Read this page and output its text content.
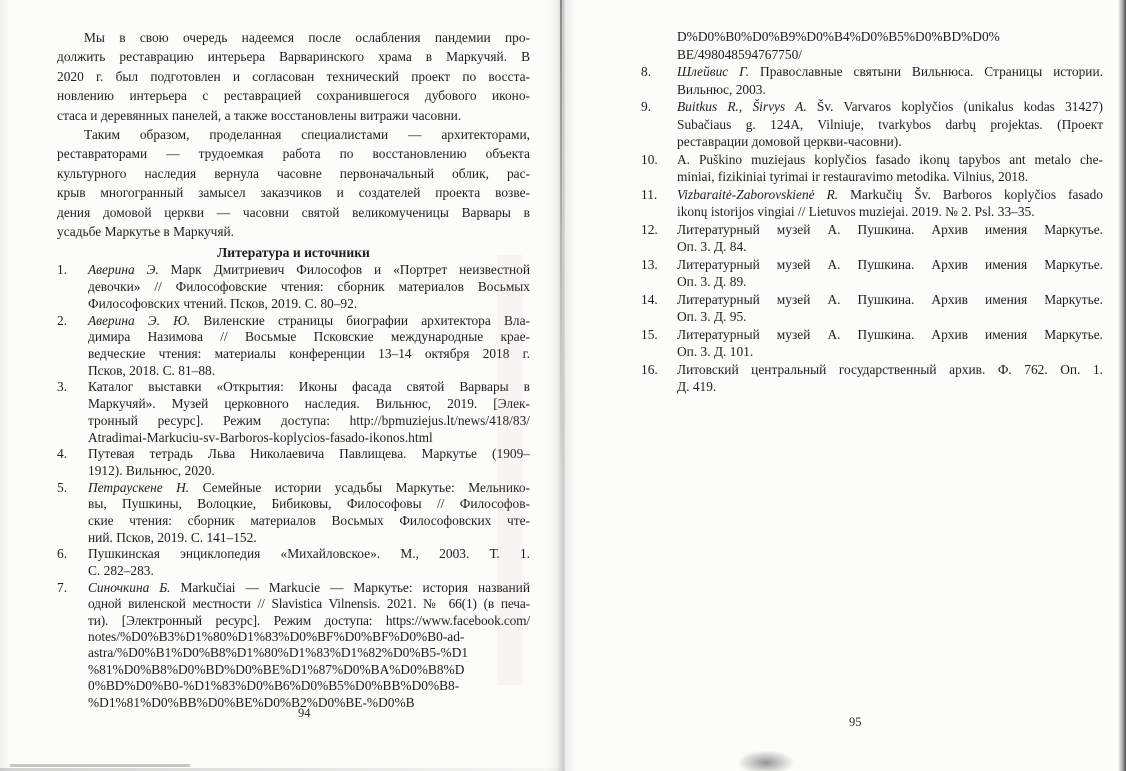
Мы в свою очередь надеемся после ослабления пандемии про-
должить реставрацию интерьера Варваринского храма в Маркучяй. В
2020 г. был подготовлен и согласован технический проект по восста-
новлению интерьера с реставрацией сохранившегося дубового иконо-
стаса и деревянных панелей, а также восстановлены витражи часовни.
Таким образом, проделанная специалистами — архитекторами,
реставраторами — трудоемкая работа по восстановлению объекта
культурного наследия вернула часовне первоначальный облик, рас-
крыв многогранный замысел заказчиков и создателей проекта возве-
дения домовой церкви — часовни святой великомученицы Варвары в
усадьбе Маркутье в Маркучяй.
Литература и источники
1.	Аверина Э. Марк Дмитриевич Философов и «Портрет неизвестной
девочки» // Философовские чтения: сборник материалов Восьмых
Философовских чтений. Псков, 2019. С. 80–92.
2.	Аверина Э. Ю. Виленские страницы биографии архитектора Вла-
димира Назимова // Восьмые Псковские международные крае-
ведческие чтения: материалы конференции 13–14 октября 2018 г.
Псков, 2018. С. 81–88.
3.	Каталог выставки «Открытия: Иконы фасада святой Варвары в
Маркучяй». Музей церковного наследия. Вильнюс, 2019. [Элек-
тронный ресурс]. Режим доступа: http://bpmuziejus.lt/news/418/83/
Atradimai-Markuciu-sv-Barboros-koplycios-fasado-ikonos.html
4.	Путевая тетрадь Льва Николаевича Павлищева. Маркутье (1909–
1912). Вильнюс, 2020.
5.	Петраускене Н. Семейные истории усадьбы Маркутье: Мельнико-
вы, Пушкины, Волоцкие, Бибиковы, Философовы // Философов-
ские чтения: сборник материалов Восьмых Философовских чте-
ний. Псков, 2019. С. 141–152.
6.	Пушкинская энциклопедия «Михайловское». М., 2003. Т. 1.
С. 282–283.
7.	Синочкина Б. Markučiai — Markucie — Маркутье: история названий
одной виленской местности // Slavistica Vilnensis. 2021. № 66(1) (в печа-
ти). [Электронный ресурс]. Режим доступа: https://www.facebook.com/
notes/%D0%B3%D1%80%D1%83%D0%BF%D0%BF%D0%B0-ad-
astra/%D0%B1%D0%B8%D1%80%D1%83%D1%82%D0%B5-%D1
%81%D0%B8%D0%BD%D0%BE%D1%87%D0%BA%D0%B8%D
0%BD%D0%B0-%D1%83%D0%B6%D0%B5%D0%BB%D0%B8-
%D1%81%D0%BB%D0%BE%D0%B2%D0%BE-%D0%B
D%D0%B0%D0%B9%D0%B4%D0%B5%D0%BD%D0%
BE/498048594767750/
8.	Шлейвис Г. Православные святыни Вильнюса. Страницы истории.
Вильнюс, 2003.
9.	Buitkus R., Širvys A. Šv. Varvaros koplyčios (unikalus kodas 31427)
Subačiaus g. 124A, Vilniuje, tvarkybos darbų projektas. (Проект
реставрации домовой церкви-часовни).
10.	A. Puškino muziejaus koplyčios fasado ikonų tapybos ant metalo che-
miniai, fizikiniai tyrimai ir restauravimo metodika. Vilnius, 2018.
11.	Vizbaraitė-Zaborovskienė R. Markučių Šv. Barboros koplyčios fasado
ikonų istorijos vingiai // Lietuvos muziejai. 2019. № 2. Psl. 33–35.
12.	Литературный музей А. Пушкина. Архив имения Маркутье.
Оп. 3. Д. 84.
13.	Литературный музей А. Пушкина. Архив имения Маркутье.
Оп. 3. Д. 89.
14.	Литературный музей А. Пушкина. Архив имения Маркутье.
Оп. 3. Д. 95.
15.	Литературный музей А. Пушкина. Архив имения Маркутье.
Оп. 3. Д. 101.
16.	Литовский центральный государственный архив. Ф. 762. Оп. 1.
Д. 419.
94
95
